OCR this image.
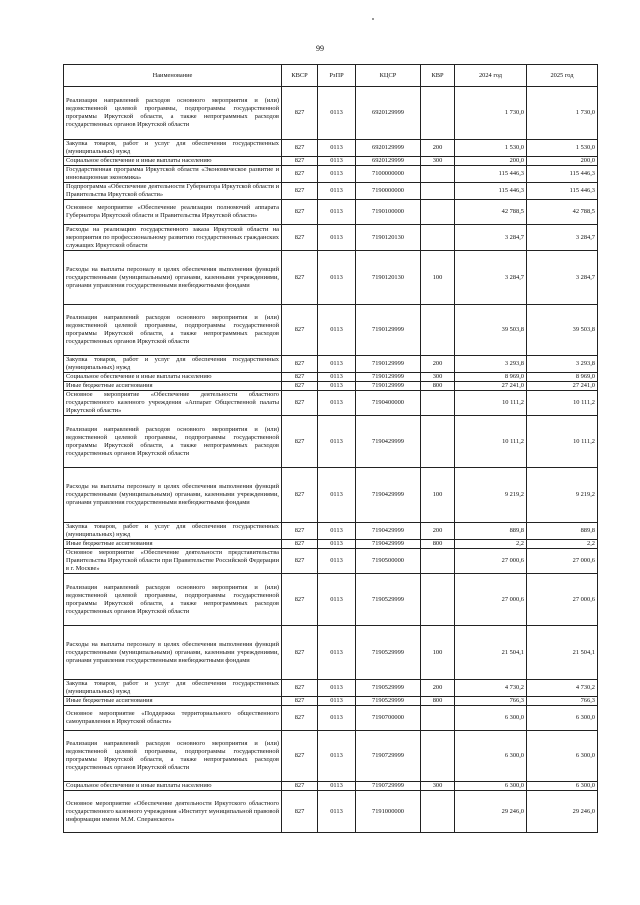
99
Наименование	КВСР	РзПР	КЦСР	КВР	2024 год	2025 год
Реализация направлений расходов основного мероприятия и (или) ведомственной целевой программы, подпрограммы государственной программы Иркутской области, а также непрограммных расходов государственных органов Иркутской области	827	0113	6920129999		1 730,0	1 730,0
Закупка товаров, работ и услуг для обеспечения государственных (муниципальных) нужд	827	0113	6920129999	200	1 530,0	1 530,0
Социальное обеспечение и иные выплаты населению	827	0113	6920129999	300	200,0	200,0
Государственная программа Иркутской области «Экономическое развитие и инновационная экономика»	827	0113	7100000000		115 446,3	115 446,3
Подпрограмма «Обеспечение деятельности Губернатора Иркутской области и Правительства Иркутской области»	827	0113	7190000000		115 446,3	115 446,3
Основное мероприятие «Обеспечение реализации полномочий аппарата Губернатора Иркутской области и Правительства Иркутской области»	827	0113	7190100000		42 788,5	42 788,5
Расходы на реализацию государственного заказа Иркутской области на мероприятия по профессиональному развитию государственных гражданских служащих Иркутской области	827	0113	7190120130		3 284,7	3 284,7
Расходы на выплаты персоналу в целях обеспечения выполнения функций государственными (муниципальными) органами, казенными учреждениями, органами управления государственными внебюджетными фондами	827	0113	7190120130	100	3 284,7	3 284,7
Реализация направлений расходов основного мероприятия и (или) ведомственной целевой программы, подпрограммы государственной программы Иркутской области, а также непрограммных расходов государственных органов Иркутской области	827	0113	7190129999		39 503,8	39 503,8
Закупка товаров, работ и услуг для обеспечения государственных (муниципальных) нужд	827	0113	7190129999	200	3 293,8	3 293,8
Социальное обеспечение и иные выплаты населению	827	0113	7190129999	300	8 969,0	8 969,0
Иные бюджетные ассигнования	827	0113	7190129999	800	27 241,0	27 241,0
Основное мероприятие «Обеспечение деятельности областного государственного казенного учреждения «Аппарат Общественной палаты Иркутской области»	827	0113	7190400000		10 111,2	10 111,2
Реализация направлений расходов основного мероприятия и (или) ведомственной целевой программы, подпрограммы государственной программы Иркутской области, а также непрограммных расходов государственных органов Иркутской области	827	0113	7190429999		10 111,2	10 111,2
Расходы на выплаты персоналу в целях обеспечения выполнения функций государственными (муниципальными) органами, казенными учреждениями, органами управления государственными внебюджетными фондами	827	0113	7190429999	100	9 219,2	9 219,2
Закупка товаров, работ и услуг для обеспечения государственных (муниципальных) нужд	827	0113	7190429999	200	889,8	889,8
Иные бюджетные ассигнования	827	0113	7190429999	800	2,2	2,2
Основное мероприятие «Обеспечение деятельности представительства Правительства Иркутской области при Правительстве Российской Федерации в г. Москве»	827	0113	7190500000		27 000,6	27 000,6
Реализация направлений расходов основного мероприятия и (или) ведомственной целевой программы, подпрограммы государственной программы Иркутской области, а также непрограммных расходов государственных органов Иркутской области	827	0113	7190529999		27 000,6	27 000,6
Расходы на выплаты персоналу в целях обеспечения выполнения функций государственными (муниципальными) органами, казенными учреждениями, органами управления государственными внебюджетными фондами	827	0113	7190529999	100	21 504,1	21 504,1
Закупка товаров, работ и услуг для обеспечения государственных (муниципальных) нужд	827	0113	7190529999	200	4 730,2	4 730,2
Иные бюджетные ассигнования	827	0113	7190529999	800	766,3	766,3
Основное мероприятие «Поддержка территориального общественного самоуправления в Иркутской области»	827	0113	7190700000		6 300,0	6 300,0
Реализация направлений расходов основного мероприятия и (или) ведомственной целевой программы, подпрограммы государственной программы Иркутской области, а также непрограммных расходов государственных органов Иркутской области	827	0113	7190729999		6 300,0	6 300,0
Социальное обеспечение и иные выплаты населению	827	0113	7190729999	300	6 300,0	6 300,0
Основное мероприятие «Обеспечение деятельности Иркутского областного государственного казенного учреждения «Институт муниципальной правовой информации имени М.М. Сперанского»	827	0113	7191000000		29 246,0	29 246,0
